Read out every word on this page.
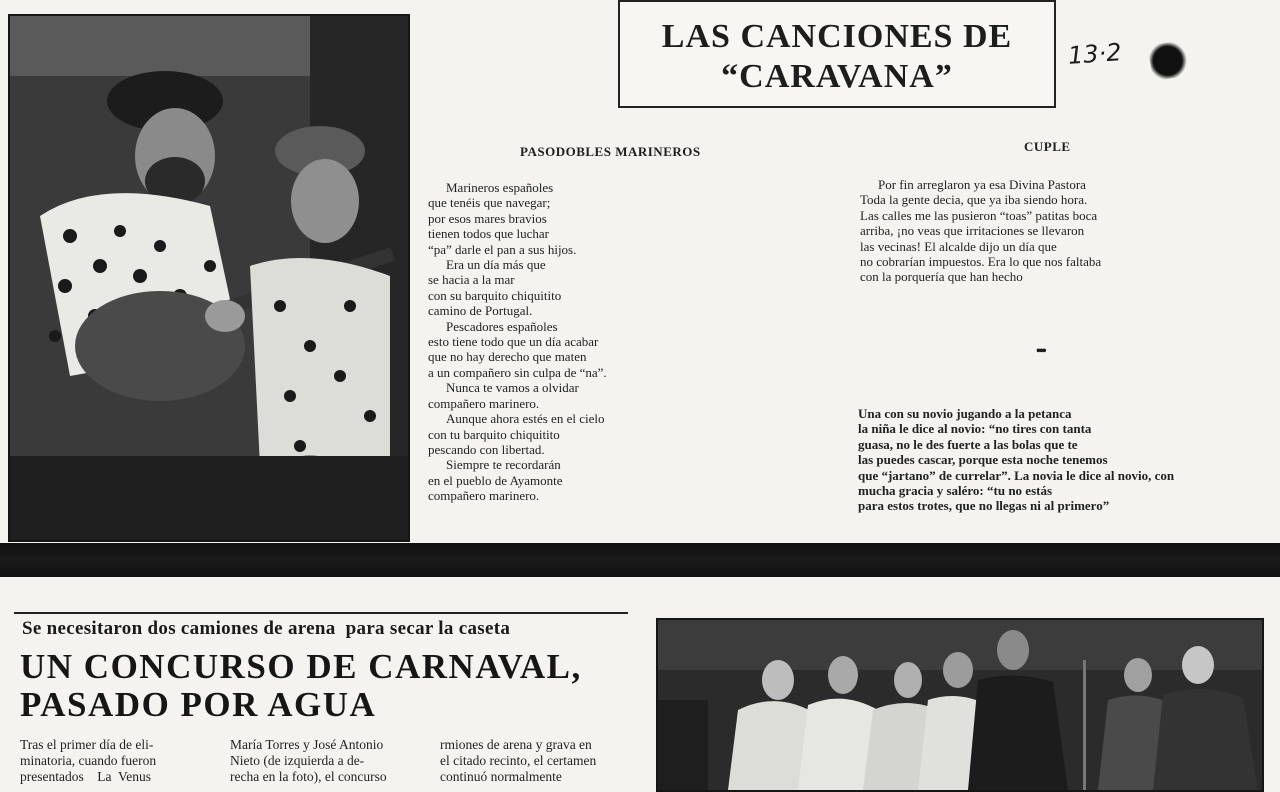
LAS CANCIONES DE
“CARAVANA”
13·2
PASODOBLES MARINEROS
Marineros españoles
que tenéis que navegar;
por esos mares bravios
tienen todos que luchar
“pa” darle el pan a sus hijos.
Era un día más que
se hacia a la mar
con su barquito chiquitito
camino de Portugal.
Pescadores españoles
esto tiene todo que un día acabar
que no hay derecho que maten
a un compañero sin culpa de “na”.
Nunca te vamos a olvidar
compañero marinero.
Aunque ahora estés en el cielo
con tu barquito chiquitito
pescando con libertad.
Siempre te recordarán
en el pueblo de Ayamonte
compañero marinero.
CUPLE
Por fin arreglaron ya esa Divina Pastora
Toda la gente decia, que ya iba siendo hora.
Las calles me las pusieron “toas” patitas boca
arriba, ¡no veas que irritaciones se llevaron
las vecinas! El alcalde dijo un día que
no cobrarían impuestos. Era lo que nos faltaba
con la porquería que han hecho
•••
Una con su novio jugando a la petanca
la niña le dice al novio: “no tires con tanta
guasa, no le des fuerte a las bolas que te
las puedes cascar, porque esta noche tenemos
que “jartano” de currelar”. La novia le dice al novio, con
mucha gracia y saléro: “tu no estás
para estos trotes, que no llegas ni al primero”
Se necesitaron dos camiones de arena  para secar la caseta
UN CONCURSO DE CARNAVAL,
PASADO POR AGUA
Tras el primer día de eli-
minatoria, cuando fueron
presentados    La  Venus
María Torres y José Antonio
Nieto (de izquierda a de-
recha en la foto), el concurso
rmiones de arena y grava en
el citado recinto, el certamen
continuó normalmente
